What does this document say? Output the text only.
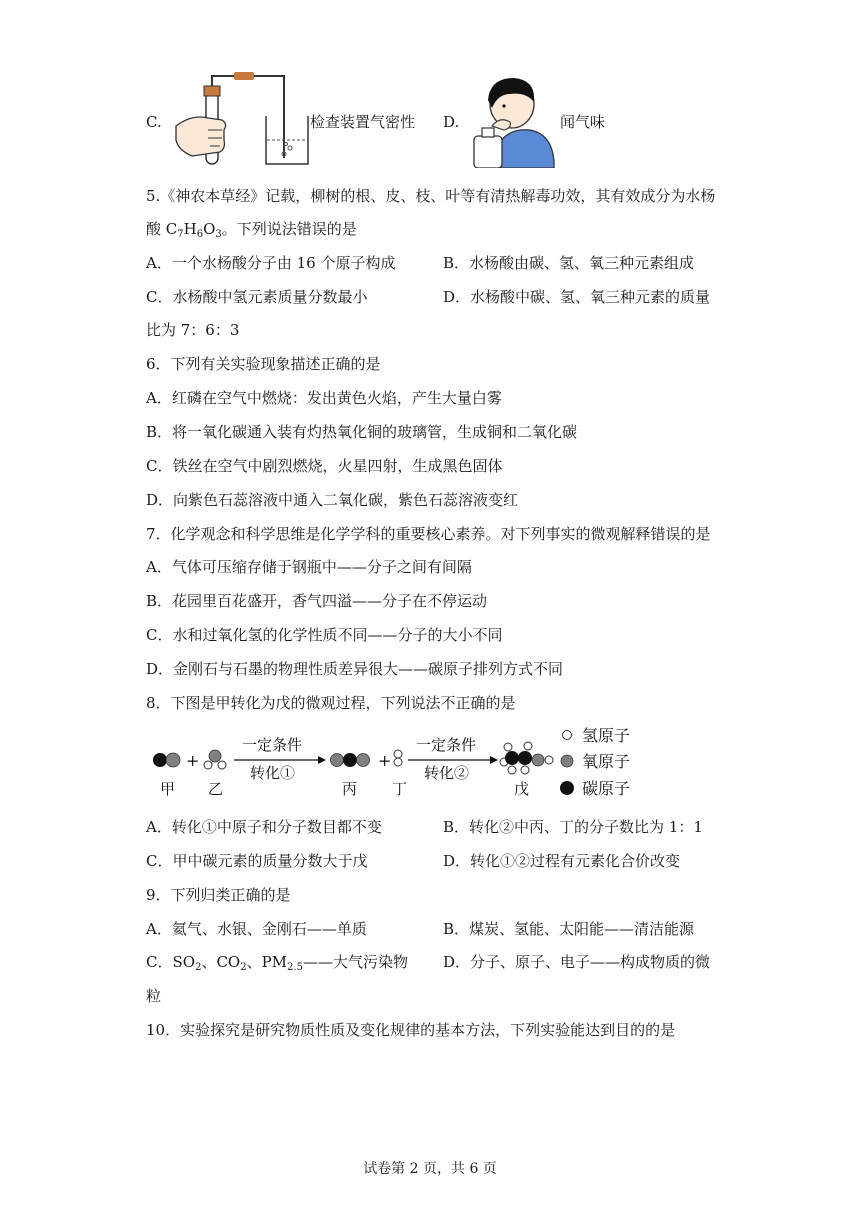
C.	检查装置气密性 D.	闻气味
5.《神农本草经》记载，柳树的根、皮、枝、叶等有清热解毒功效，其有效成分为水杨
酸 $C_7H_6O_3$。下列说法错误的是
A．一个水杨酸分子由 16 个原子构成	B．水杨酸由碳、氢、氧三种元素组成
C．水杨酸中氢元素质量分数最小	D．水杨酸中碳、氢、氧三种元素的质量
比为 7：6：3
6．下列有关实验现象描述正确的是
A．红磷在空气中燃烧：发出黄色火焰，产生大量白雾
B．将一氧化碳通入装有灼热氧化铜的玻璃管，生成铜和二氧化碳
C．铁丝在空气中剧烈燃烧，火星四射，生成黑色固体
D．向紫色石蕊溶液中通入二氧化碳，紫色石蕊溶液变红
7．化学观念和科学思维是化学学科的重要核心素养。对下列事实的微观解释错误的是
A．气体可压缩存储于钢瓶中——分子之间有间隔
B．花园里百花盛开，香气四溢——分子在不停运动
C．水和过氧化氢的化学性质不同——分子的大小不同
D．金刚石与石墨的物理性质差异很大——碳原子排列方式不同
8．下图是甲转化为戊的微观过程，下列说法不正确的是
+
一定条件
转化①
+
一定条件
转化②
甲 乙	丙 丁	戊
氢原子
氧原子
碳原子
A．转化①中原子和分子数目都不变	B．转化②中丙、丁的分子数比为 1：1
C．甲中碳元素的质量分数大于戊	D．转化①②过程有元素化合价改变
9．下列归类正确的是
A．氦气、水银、金刚石——单质	B．煤炭、氢能、太阳能——清洁能源
C．$SO_2$、$CO_2$、$PM_{2.5}——$大气污染物 D．分子、原子、电子——构成物质的微
粒
10．实验探究是研究物质性质及变化规律的基本方法，下列实验能达到目的的是
试卷第 2 页，共 6 页
